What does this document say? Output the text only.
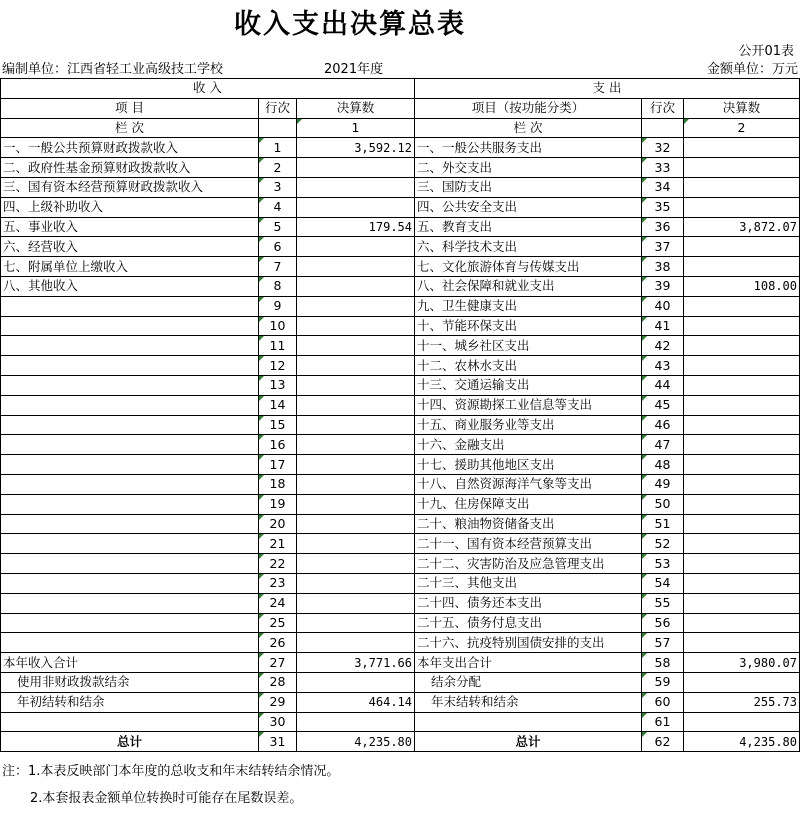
收入支出决算总表
公开01表
编制单位：江西省轻工业高级技工学校	2021年度	金额单位：万元
收 入			支 出		
项 目	行次	决算数	项目（按功能分类）	行次	决算数
栏 次		1	栏 次		2
一、一般公共预算财政拨款收入	1	3,592.12	一、一般公共服务支出	32	
二、政府性基金预算财政拨款收入	2		二、外交支出	33	
三、国有资本经营预算财政拨款收入	3		三、国防支出	34	
四、上级补助收入	4		四、公共安全支出	35	
五、事业收入	5	179.54	五、教育支出	36	3,872.07
六、经营收入	6		六、科学技术支出	37	
七、附属单位上缴收入	7		七、文化旅游体育与传媒支出	38	
八、其他收入	8		八、社会保障和就业支出	39	108.00
	9		九、卫生健康支出	40	
	10		十、节能环保支出	41	
	11		十一、城乡社区支出	42	
	12		十二、农林水支出	43	
	13		十三、交通运输支出	44	
	14		十四、资源勘探工业信息等支出	45	
	15		十五、商业服务业等支出	46	
	16		十六、金融支出	47	
	17		十七、援助其他地区支出	48	
	18		十八、自然资源海洋气象等支出	49	
	19		十九、住房保障支出	50	
	20		二十、粮油物资储备支出	51	
	21		二十一、国有资本经营预算支出	52	
	22		二十二、灾害防治及应急管理支出	53	
	23		二十三、其他支出	54	
	24		二十四、债务还本支出	55	
	25		二十五、债务付息支出	56	
	26		二十六、抗疫特别国债安排的支出	57	
本年收入合计	27	3,771.66	本年支出合计	58	3,980.07
使用非财政拨款结余	28		结余分配	59	
年初结转和结余	29	464.14	年末结转和结余	60	255.73
	30			61	
总计	31	4,235.80	总计	62	4,235.80
注：1.本表反映部门本年度的总收支和年末结转结余情况。
2.本套报表金额单位转换时可能存在尾数误差。
